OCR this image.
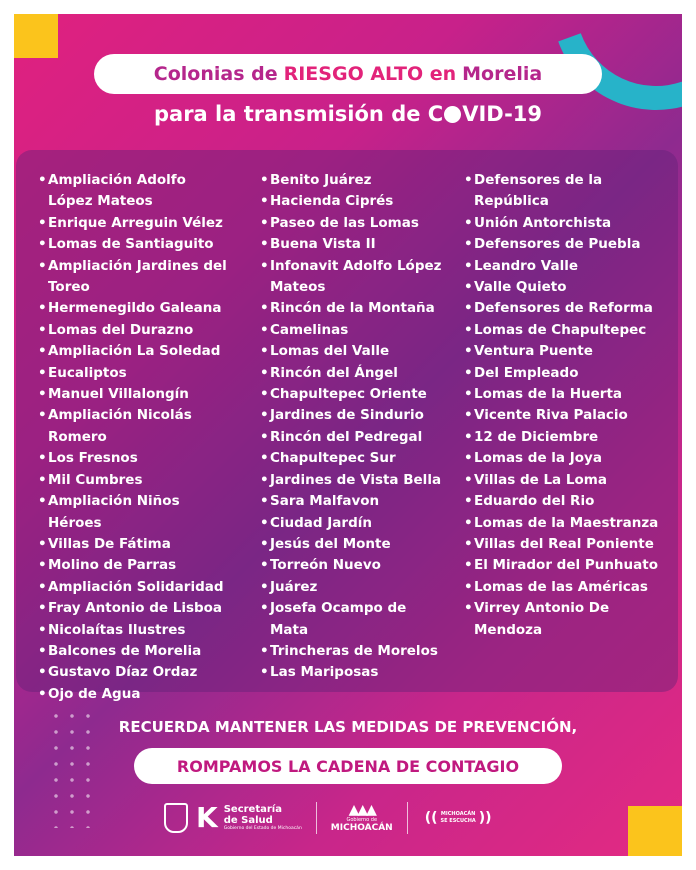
Colonias de RIESGO ALTO en Morelia
para la transmisión de C VID-19
• Ampliación Adolfo López Mateos
• Enrique Arreguin Vélez
• Lomas de Santiaguito
• Ampliación Jardines del Toreo
• Hermenegildo Galeana
• Lomas del Durazno
• Ampliación La Soledad
• Eucaliptos
• Manuel Villalongín
• Ampliación Nicolás Romero
• Los Fresnos
• Mil Cumbres
• Ampliación Niños Héroes
• Villas De Fátima
• Molino de Parras
• Ampliación Solidaridad
• Fray Antonio de Lisboa
• Nicolaítas Ilustres
• Balcones de Morelia
• Gustavo Díaz Ordaz
• Ojo de Agua
• Benito Juárez
• Hacienda Ciprés
• Paseo de las Lomas
• Buena Vista II
• Infonavit Adolfo López Mateos
• Rincón de la Montaña
• Camelinas
• Lomas del Valle
• Rincón del Ángel
• Chapultepec Oriente
• Jardines de Sindurio
• Rincón del Pedregal
• Chapultepec Sur
• Jardines de Vista Bella
• Sara Malfavon
• Ciudad Jardín
• Jesús del Monte
• Torreón Nuevo
• Juárez
• Josefa Ocampo de Mata
• Trincheras de Morelos
• Las Mariposas
• Defensores de la República
• Unión Antorchista
• Defensores de Puebla
• Leandro Valle
• Valle Quieto
• Defensores de Reforma
• Lomas de Chapultepec
• Ventura Puente
• Del Empleado
• Lomas de la Huerta
• Vicente Riva Palacio
• 12 de Diciembre
• Lomas de la Joya
• Villas de La Loma
• Eduardo del Rio
• Lomas de la Maestranza
• Villas del Real Poniente
• El Mirador del Punhuato
• Lomas de las Américas
• Virrey Antonio De Mendoza
RECUERDA MANTENER LAS MEDIDAS DE PREVENCIÓN,
ROMPAMOS LA CADENA DE CONTAGIO
K Secretaría
de Salud
Gobierno del Estado de Michoacán
▲▲▲
Gobierno de
MICHOACÁN
(( MICHOACÁN
SE ESCUCHA ))
